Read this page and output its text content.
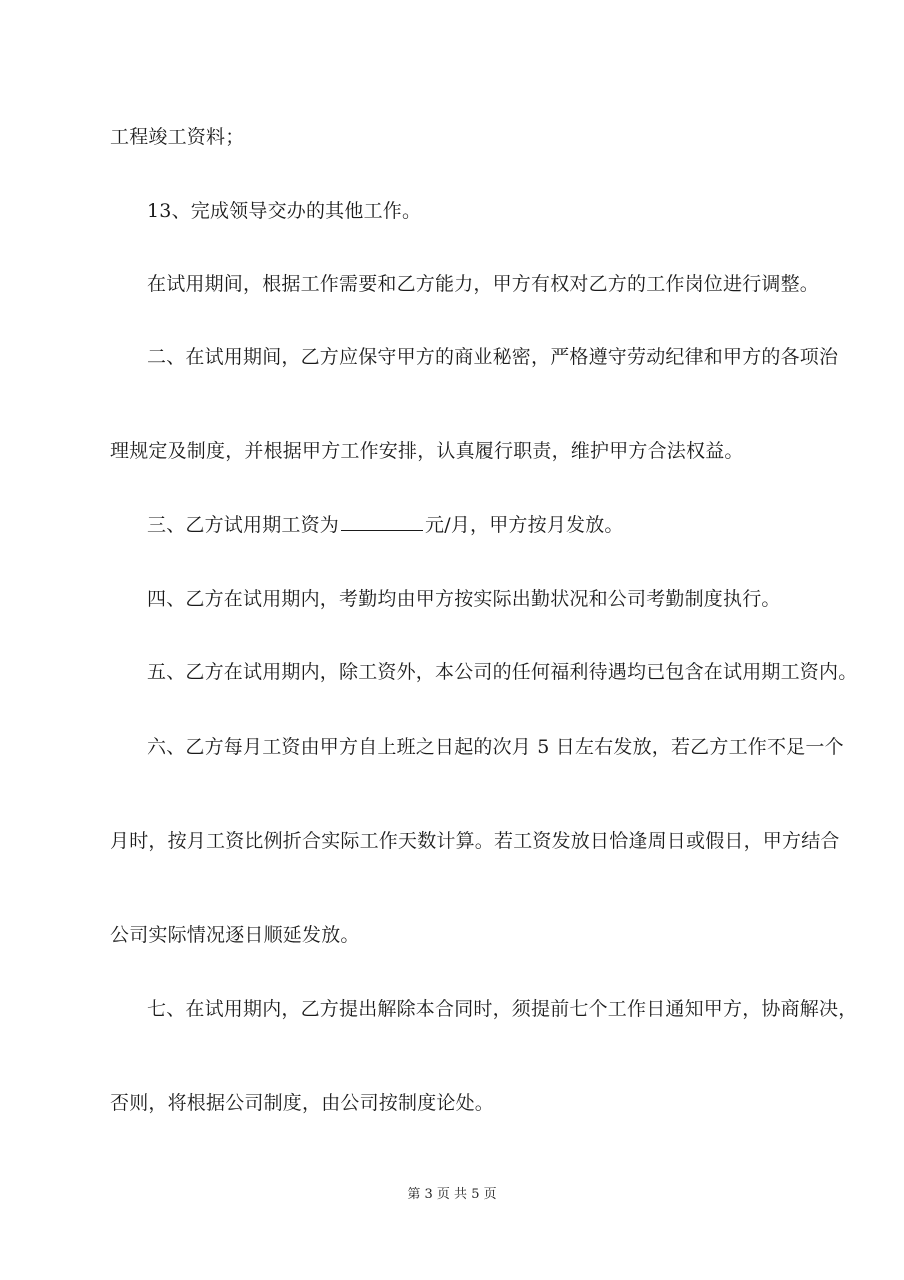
工程竣工资料；
13、完成领导交办的其他工作。
在试用期间，根据工作需要和乙方能力，甲方有权对乙方的工作岗位进行调整。
二、在试用期间，乙方应保守甲方的商业秘密，严格遵守劳动纪律和甲方的各项治
理规定及制度，并根据甲方工作安排，认真履行职责，维护甲方合法权益。
三、乙方试用期工资为	元/月，甲方按月发放。
四、乙方在试用期内，考勤均由甲方按实际出勤状况和公司考勤制度执行。
五、乙方在试用期内，除工资外，本公司的任何福利待遇均已包含在试用期工资内。
六、乙方每月工资由甲方自上班之日起的次月 5 日左右发放，若乙方工作不足一个
月时，按月工资比例折合实际工作天数计算。若工资发放日恰逢周日或假日，甲方结合
公司实际情况逐日顺延发放。
七、在试用期内，乙方提出解除本合同时，须提前七个工作日通知甲方，协商解决，
否则，将根据公司制度，由公司按制度论处。
第 3 页 共 5 页
